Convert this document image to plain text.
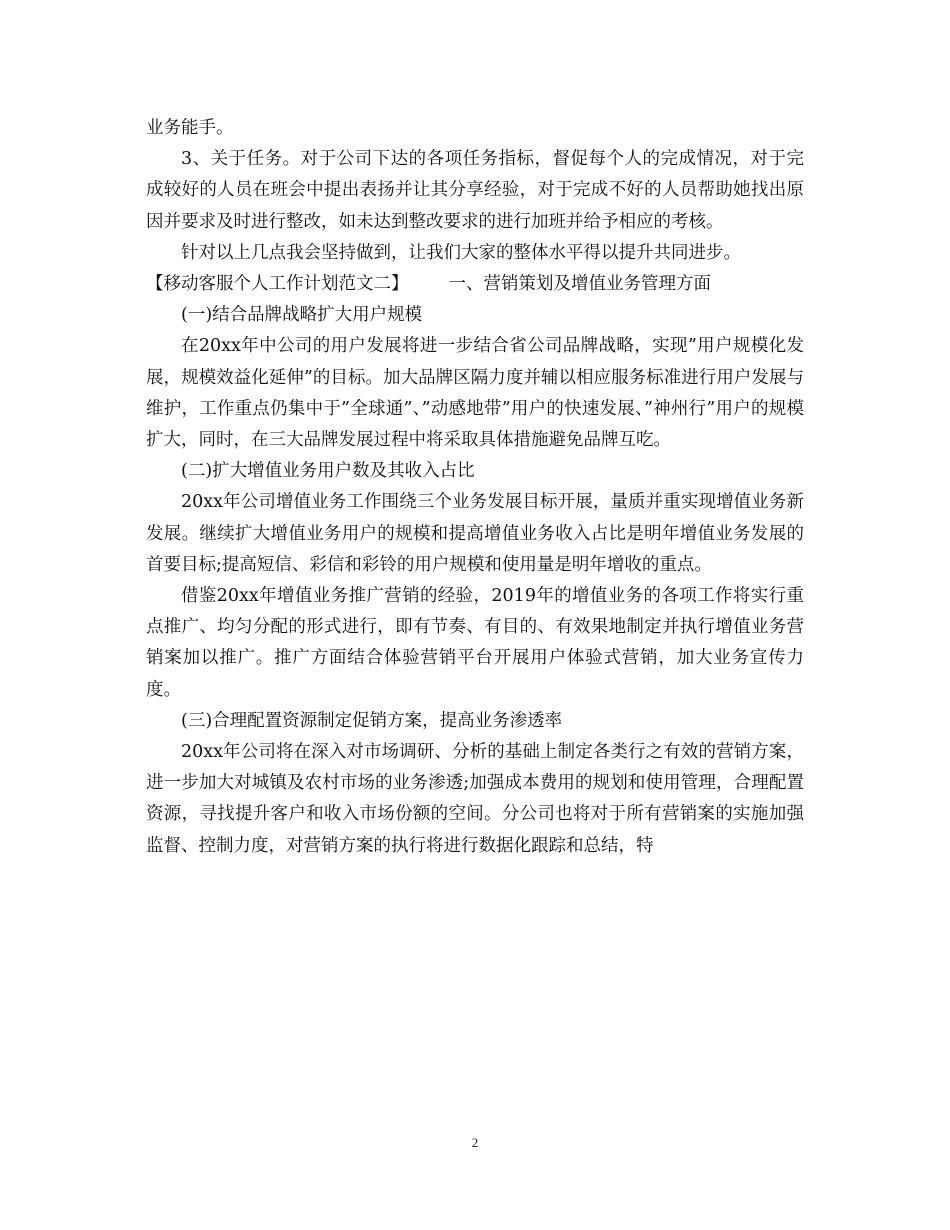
业务能手。

3、关于任务。对于公司下达的各项任务指标，督促每个人的完成情况，对于完成较好的人员在班会中提出表扬并让其分享经验，对于完成不好的人员帮助她找出原因并要求及时进行整改，如未达到整改要求的进行加班并给予相应的考核。

针对以上几点我会坚持做到，让我们大家的整体水平得以提升共同进步。

【移动客服个人工作计划范文二】 一、营销策划及增值业务管理方面

(一)结合品牌战略扩大用户规模

在20xx年中公司的用户发展将进一步结合省公司品牌战略，实现”用户规模化发展，规模效益化延伸”的目标。加大品牌区隔力度并辅以相应服务标准进行用户发展与维护，工作重点仍集中于”全球通”、”动感地带”用户的快速发展、”神州行”用户的规模扩大，同时，在三大品牌发展过程中将采取具体措施避免品牌互吃。

(二)扩大增值业务用户数及其收入占比

20xx年公司增值业务工作围绕三个业务发展目标开展，量质并重实现增值业务新发展。继续扩大增值业务用户的规模和提高增值业务收入占比是明年增值业务发展的首要目标;提高短信、彩信和彩铃的用户规模和使用量是明年增收的重点。

借鉴20xx年增值业务推广营销的经验，2019年的增值业务的各项工作将实行重点推广、均匀分配的形式进行，即有节奏、有目的、有效果地制定并执行增值业务营销案加以推广。推广方面结合体验营销平台开展用户体验式营销，加大业务宣传力度。

(三)合理配置资源制定促销方案，提高业务渗透率

20xx年公司将在深入对市场调研、分析的基础上制定各类行之有效的营销方案，进一步加大对城镇及农村市场的业务渗透;加强成本费用的规划和使用管理，合理配置资源，寻找提升客户和收入市场份额的空间。分公司也将对于所有营销案的实施加强监督、控制力度，对营销方案的执行将进行数据化跟踪和总结，特

2
